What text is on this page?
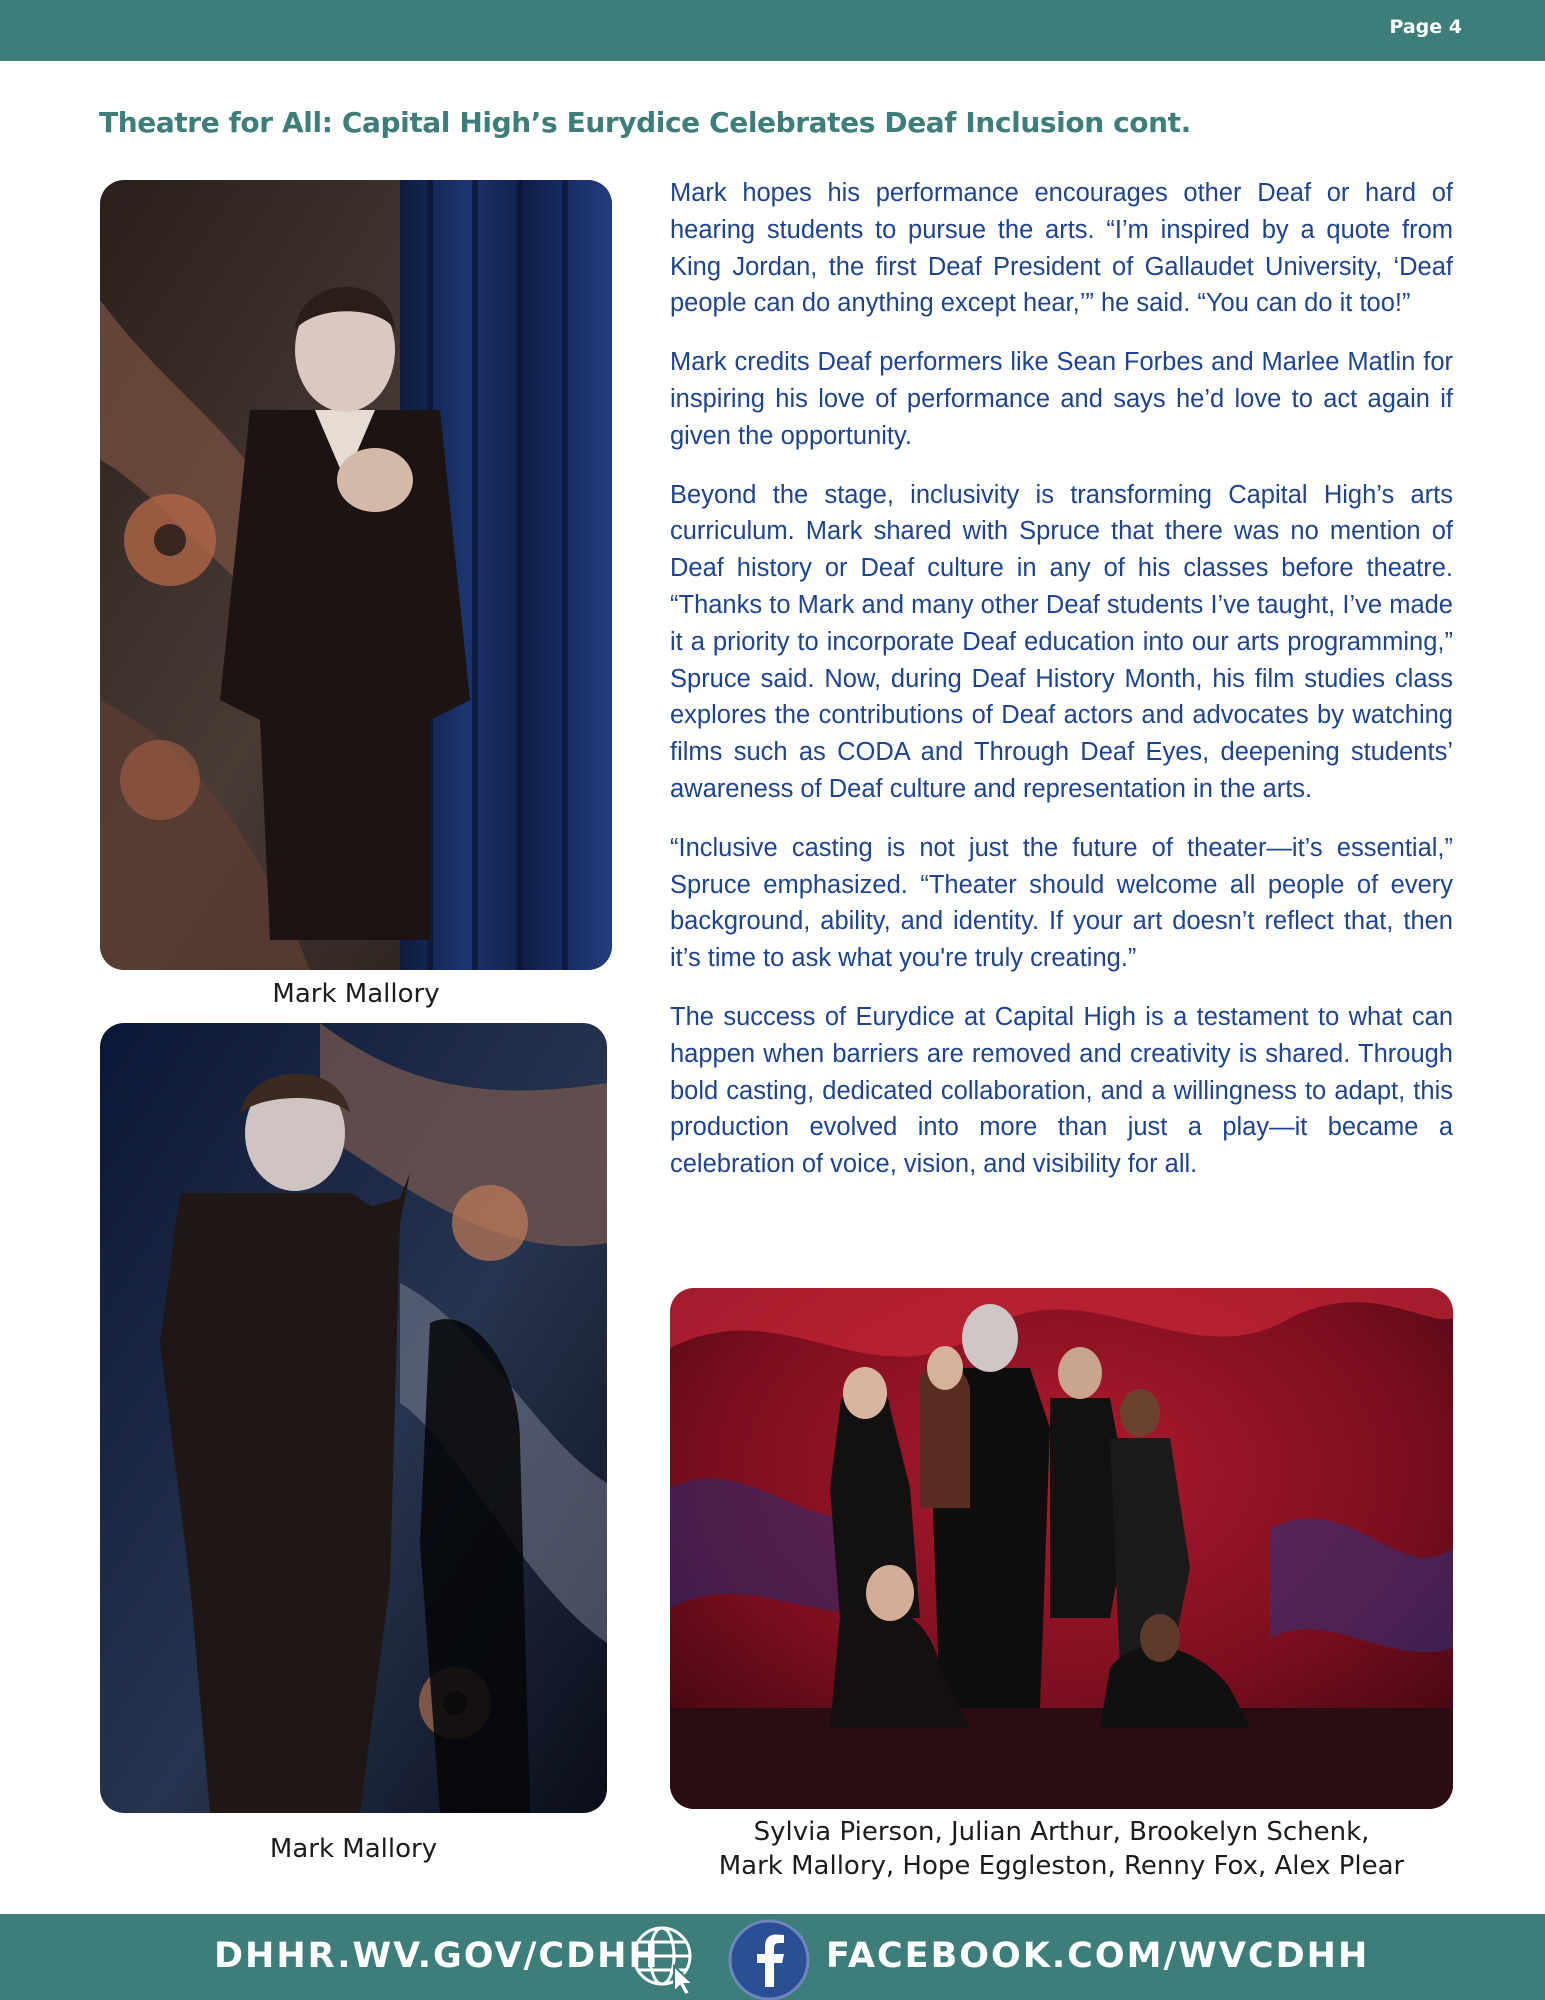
Page 4
Theatre for All: Capital High’s Eurydice Celebrates Deaf Inclusion cont.
Mark Mallory
Mark Mallory

Mark hopes his performance encourages other Deaf or hard of hearing students to pursue the arts. “I’m inspired by a quote from King Jordan, the first Deaf President of Gallaudet University, ‘Deaf people can do anything except hear,’” he said. “You can do it too!”

Mark credits Deaf performers like Sean Forbes and Marlee Matlin for inspiring his love of performance and says he’d love to act again if given the opportunity.

Beyond the stage, inclusivity is transforming Capital High’s arts curriculum. Mark shared with Spruce that there was no mention of Deaf history or Deaf culture in any of his classes before theatre. “Thanks to Mark and many other Deaf students I’ve taught, I’ve made it a priority to incorporate Deaf education into our arts programming,” Spruce said. Now, during Deaf History Month, his film studies class explores the contributions of Deaf actors and advocates by watching films such as CODA and Through Deaf Eyes, deepening students’ awareness of Deaf culture and representation in the arts.

“Inclusive casting is not just the future of theater—it’s essential,” Spruce emphasized. “Theater should welcome all people of every background, ability, and identity. If your art doesn’t reflect that, then it’s time to ask what you're truly creating.”

The success of Eurydice at Capital High is a testament to what can happen when barriers are removed and creativity is shared. Through bold casting, dedicated collaboration, and a willingness to adapt, this production evolved into more than just a play—it became a celebration of voice, vision, and visibility for all.

Sylvia Pierson, Julian Arthur, Brookelyn Schenk,
Mark Mallory, Hope Eggleston, Renny Fox, Alex Plear
DHHR.WV.GOV/CDHH	FACEBOOK.COM/WVCDHH
